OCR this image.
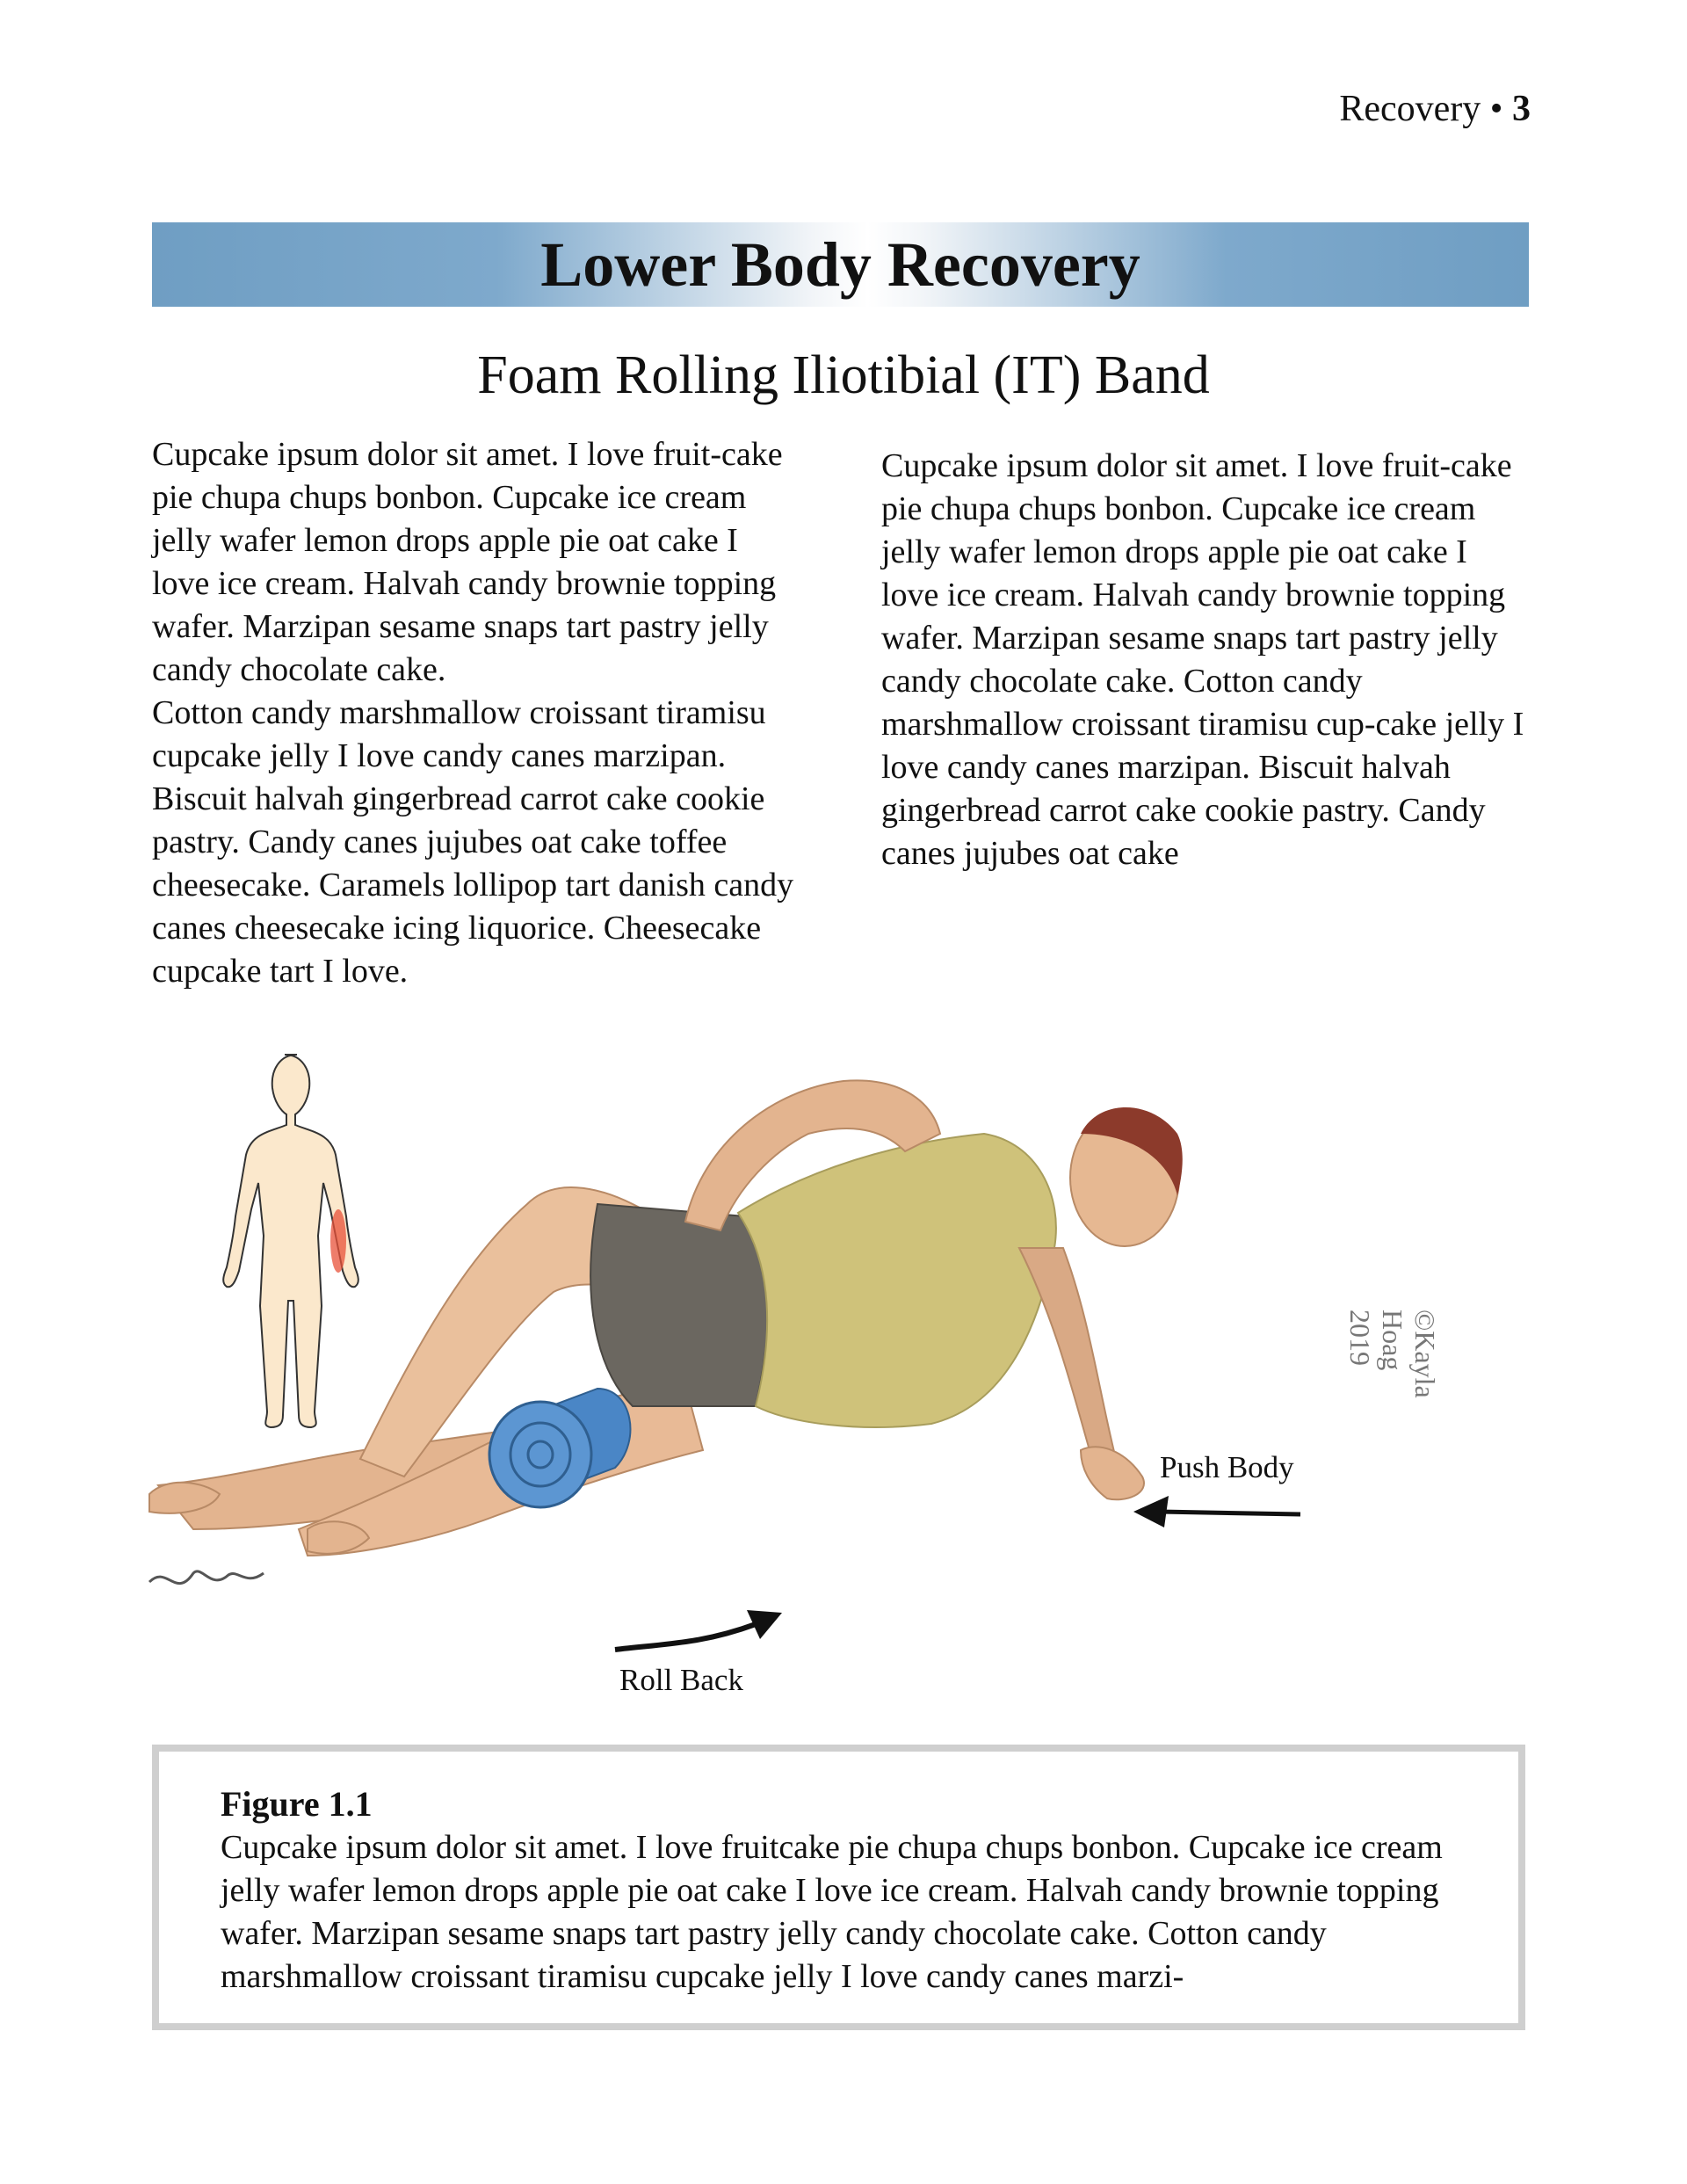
Recovery • 3
Lower Body Recovery
Foam Rolling Iliotibial (IT) Band

Cupcake ipsum dolor sit amet. I love fruit-cake pie chupa chups bonbon. Cupcake ice cream jelly wafer lemon drops apple pie oat cake I love ice cream. Halvah candy brownie topping wafer. Marzipan sesame snaps tart pastry jelly candy chocolate cake.

Cotton candy marshmallow croissant tiramisu cupcake jelly I love candy canes marzipan. Biscuit halvah gingerbread carrot cake cookie pastry. Candy canes jujubes oat cake toffee cheesecake. Caramels lollipop tart danish candy canes cheesecake icing liquorice. Cheesecake cupcake tart I love.

Cupcake ipsum dolor sit amet. I love fruit-cake pie chupa chups bonbon. Cupcake ice cream jelly wafer lemon drops apple pie oat cake I love ice cream. Halvah candy brownie topping wafer. Marzipan sesame snaps tart pastry jelly candy chocolate cake. Cotton candy marshmallow croissant tiramisu cup-cake jelly I love candy canes marzipan. Biscuit halvah gingerbread carrot cake cookie pastry. Candy canes jujubes oat cake

Push Body
Roll Back
©Kayla Hoag 2019

Figure 1.1

Cupcake ipsum dolor sit amet. I love fruitcake pie chupa chups bonbon. Cupcake ice cream jelly wafer lemon drops apple pie oat cake I love ice cream. Halvah candy brownie topping wafer. Marzipan sesame snaps tart pastry jelly candy chocolate cake. Cotton candy marshmallow croissant tiramisu cupcake jelly I love candy canes marzi-
